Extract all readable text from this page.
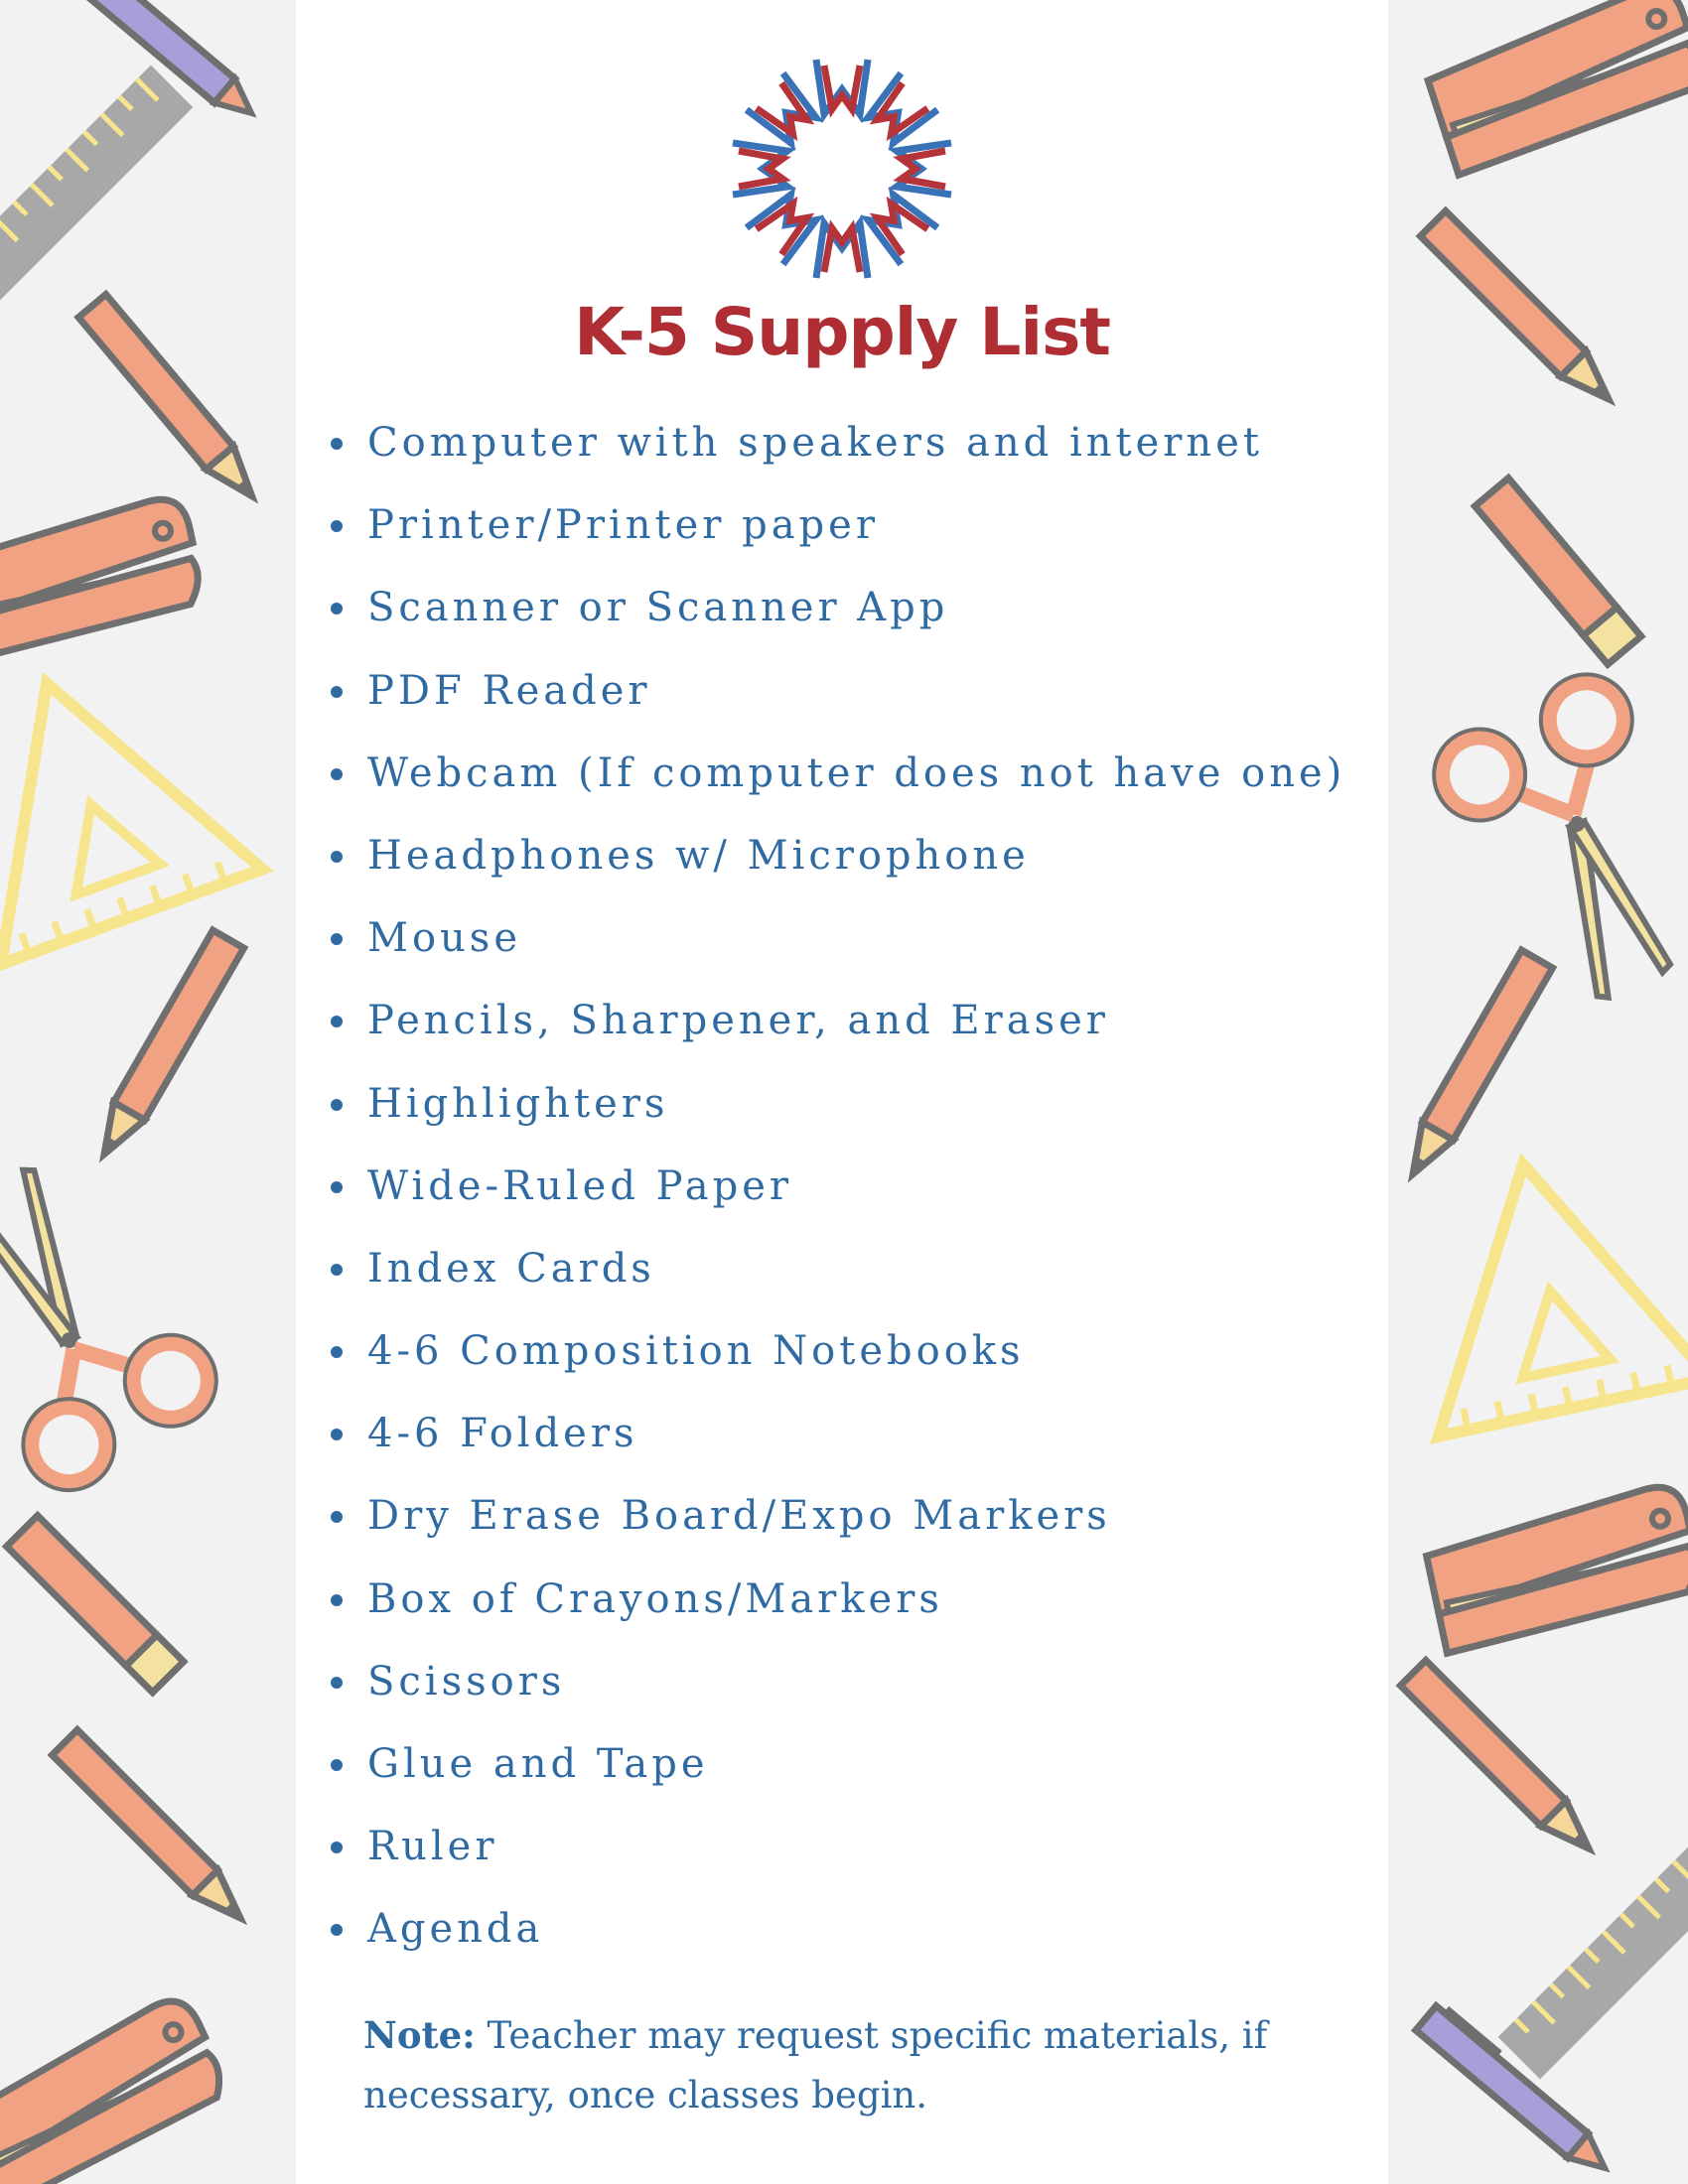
K-5 Supply List
Computer with speakers and internet
Printer/Printer paper
Scanner or Scanner App
PDF Reader
Webcam (If computer does not have one)
Headphones w/ Microphone
Mouse
Pencils, Sharpener, and Eraser
Highlighters
Wide-Ruled Paper
Index Cards
4-6 Composition Notebooks
4-6 Folders
Dry Erase Board/Expo Markers
Box of Crayons/Markers
Scissors
Glue and Tape
Ruler
Agenda
Note: Teacher may request specific materials, if necessary, once classes begin.
